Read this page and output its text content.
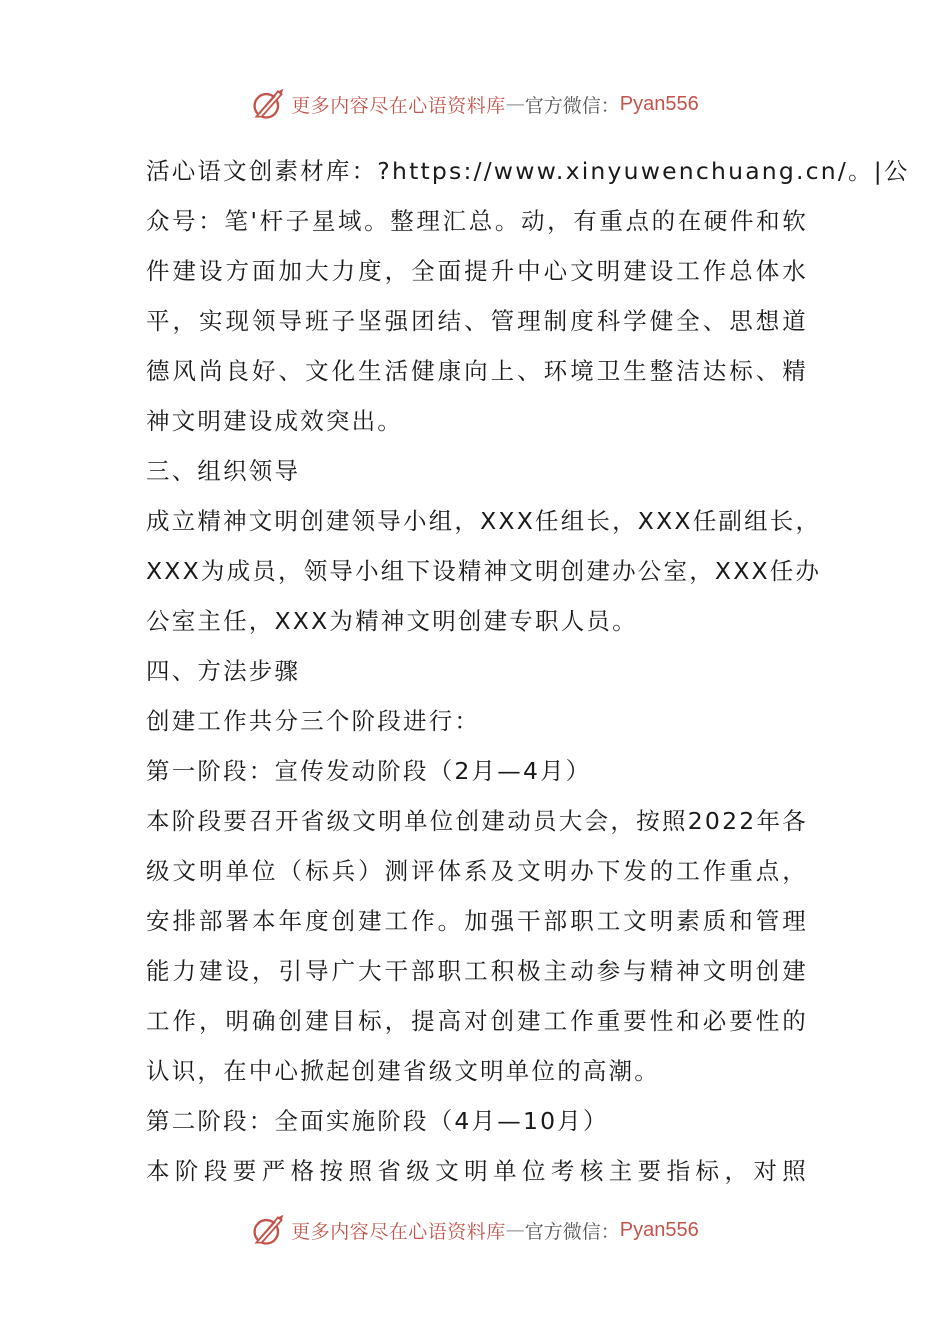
更多内容尽在心语资料库 — 官方微信： Pyan556
活心语文创素材库：?https://www.xinyuwenchuang.cn/。|公
众号：笔'杆子星域。整理汇总。动，有重点的在硬件和软
件建设方面加大力度，全面提升中心文明建设工作总体水
平，实现领导班子坚强团结、管理制度科学健全、思想道
德风尚良好、文化生活健康向上、环境卫生整洁达标、精
神文明建设成效突出。
三、组织领导
成立精神文明创建领导小组，XXX任组长，XXX任副组长，
XXX为成员，领导小组下设精神文明创建办公室，XXX任办
公室主任，XXX为精神文明创建专职人员。
四、方法步骤
创建工作共分三个阶段进行：
第一阶段：宣传发动阶段（2月—4月）
本阶段要召开省级文明单位创建动员大会，按照2022年各
级文明单位（标兵）测评体系及文明办下发的工作重点，
安排部署本年度创建工作。加强干部职工文明素质和管理
能力建设，引导广大干部职工积极主动参与精神文明创建
工作，明确创建目标，提高对创建工作重要性和必要性的
认识，在中心掀起创建省级文明单位的高潮。
第二阶段：全面实施阶段（4月—10月）
本阶段要严格按照省级文明单位考核主要指标，对照
更多内容尽在心语资料库 — 官方微信： Pyan556
